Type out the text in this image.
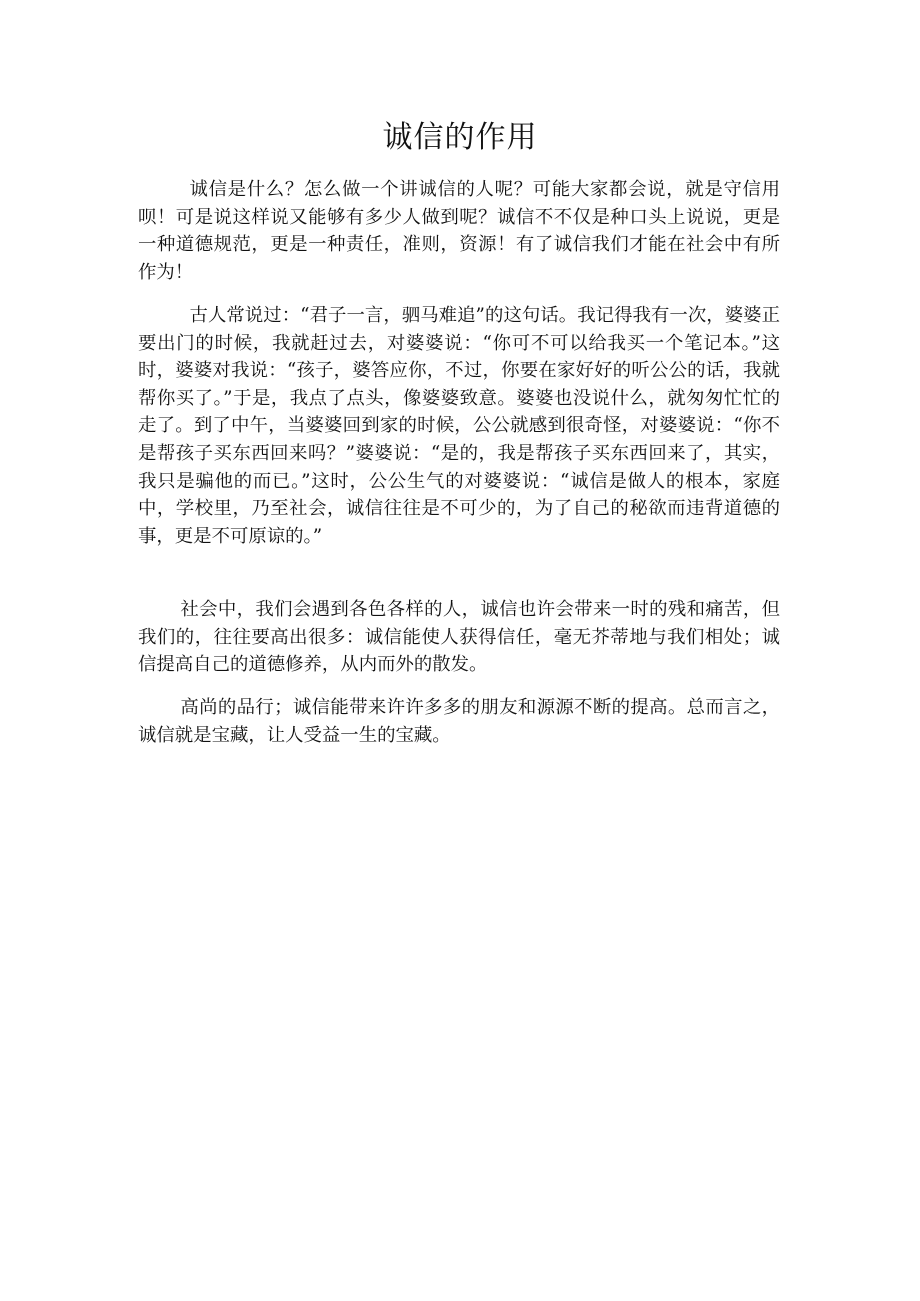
诚信的作用

诚信是什么？怎么做一个讲诚信的人呢？可能大家都会说，就是守信用呗！可是说这样说又能够有多少人做到呢？诚信不不仅是种口头上说说，更是一种道德规范，更是一种责任，准则，资源！有了诚信我们才能在社会中有所作为！

古人常说过：“君子一言，驷马难追”的这句话。我记得我有一次，婆婆正要出门的时候，我就赶过去，对婆婆说：“你可不可以给我买一个笔记本。”这时，婆婆对我说：“孩子，婆答应你，不过，你要在家好好的听公公的话，我就帮你买了。”于是，我点了点头，像婆婆致意。婆婆也没说什么，就匆匆忙忙的走了。到了中午，当婆婆回到家的时候，公公就感到很奇怪，对婆婆说：“你不是帮孩子买东西回来吗？”婆婆说：“是的，我是帮孩子买东西回来了，其实，我只是骗他的而已。”这时，公公生气的对婆婆说：“诚信是做人的根本，家庭中，学校里，乃至社会，诚信往往是不可少的，为了自己的秘欲而违背道德的事，更是不可原谅的。”

社会中，我们会遇到各色各样的人，诚信也许会带来一时的残和痛苦，但我们的，往往要高出很多：诚信能使人获得信任，毫无芥蒂地与我们相处；诚信提高自己的道德修养，从内而外的散发。

高尚的品行；诚信能带来许许多多的朋友和源源不断的提高。总而言之，诚信就是宝藏，让人受益一生的宝藏。
